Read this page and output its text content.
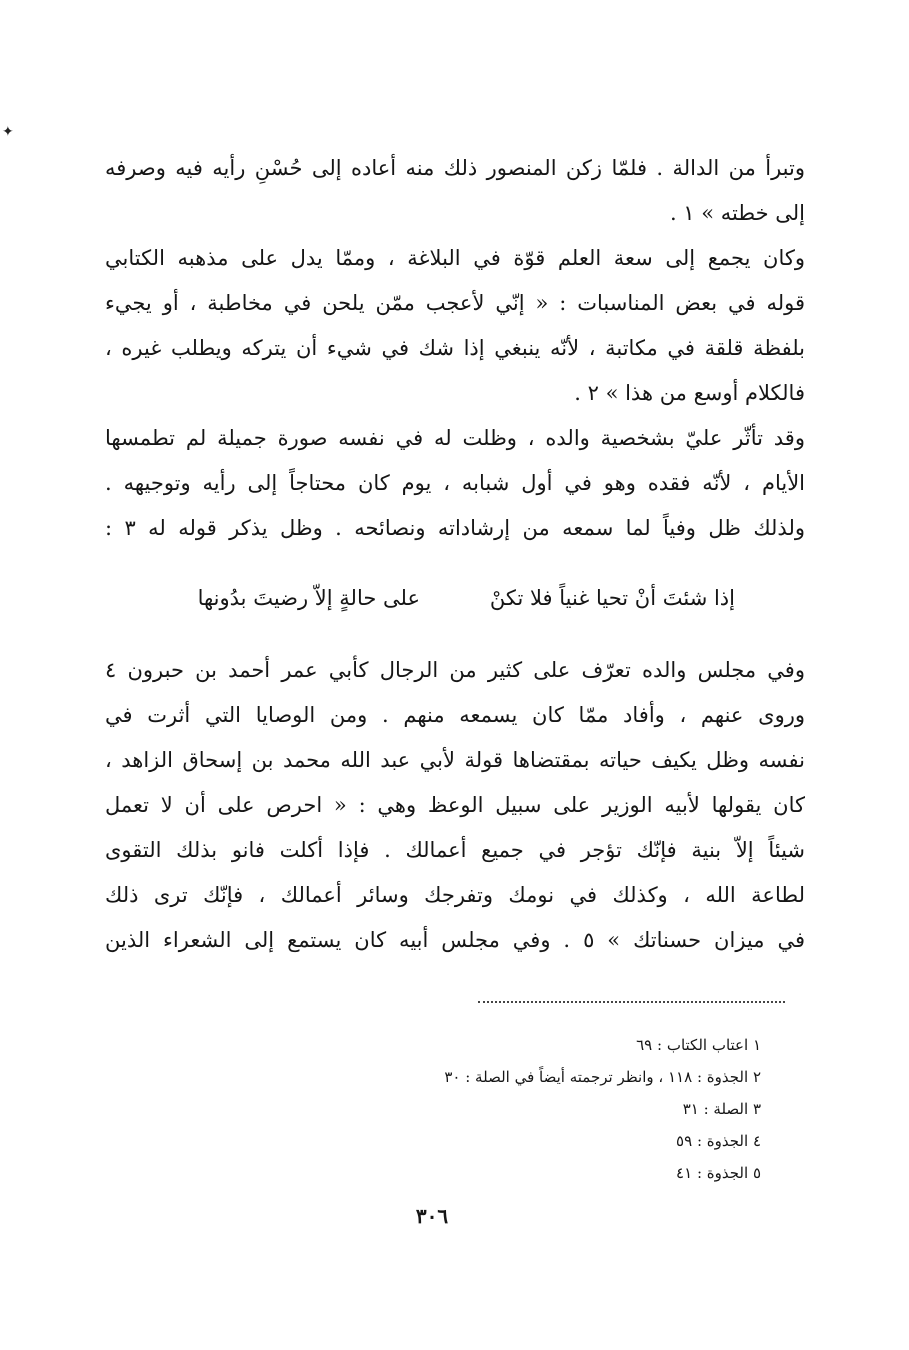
✦
وتبرأ من الدالة . فلمّا زكن المنصور ذلك منه أعاده إلى حُسْنِ رأيه فيه وصرفه
إلى خطته » ١ .
وكان يجمع إلى سعة العلم قوّة في البلاغة ، وممّا يدل على مذهبه الكتابي
قوله في بعض المناسبات : « إنّي لأعجب ممّن يلحن في مخاطبة ، أو يجيء
بلفظة قلقة في مكاتبة ، لأنّه ينبغي إذا شك في شيء أن يتركه ويطلب غيره ،
فالكلام أوسع من هذا » ٢ .
وقد تأثّر عليّ بشخصية والده ، وظلت له في نفسه صورة جميلة لم تطمسها
الأيام ، لأنّه فقده وهو في أول شبابه ، يوم كان محتاجاً إلى رأيه وتوجيهه .
ولذلك ظل وفياً لما سمعه من إرشاداته ونصائحه . وظل يذكر قوله له ٣ :
إذا شئتَ أنْ تحيا غنياً فلا تكنْ
على حالةٍ إلاّ رضيتَ بدُونها
وفي مجلس والده تعرّف على كثير من الرجال كأبي عمر أحمد بن حبرون ٤
وروى عنهم ، وأفاد ممّا كان يسمعه منهم . ومن الوصايا التي أثرت في
نفسه وظل يكيف حياته بمقتضاها قولة لأبي عبد الله محمد بن إسحاق الزاهد ،
كان يقولها لأبيه الوزير على سبيل الوعظ وهي : « احرص على أن لا تعمل
شيئاً إلاّ بنية فإنّك تؤجر في جميع أعمالك . فإذا أكلت فانو بذلك التقوى
لطاعة الله ، وكذلك في نومك وتفرجك وسائر أعمالك ، فإنّك ترى ذلك
في ميزان حسناتك » ٥ . وفي مجلس أبيه كان يستمع إلى الشعراء الذين
١ اعتاب الكتاب : ٦٩
٢ الجذوة : ١١٨ ، وانظر ترجمته أيضاً في الصلة : ٣٠
٣ الصلة : ٣١
٤ الجذوة : ٥٩
٥ الجذوة : ٤١
٣٠٦
